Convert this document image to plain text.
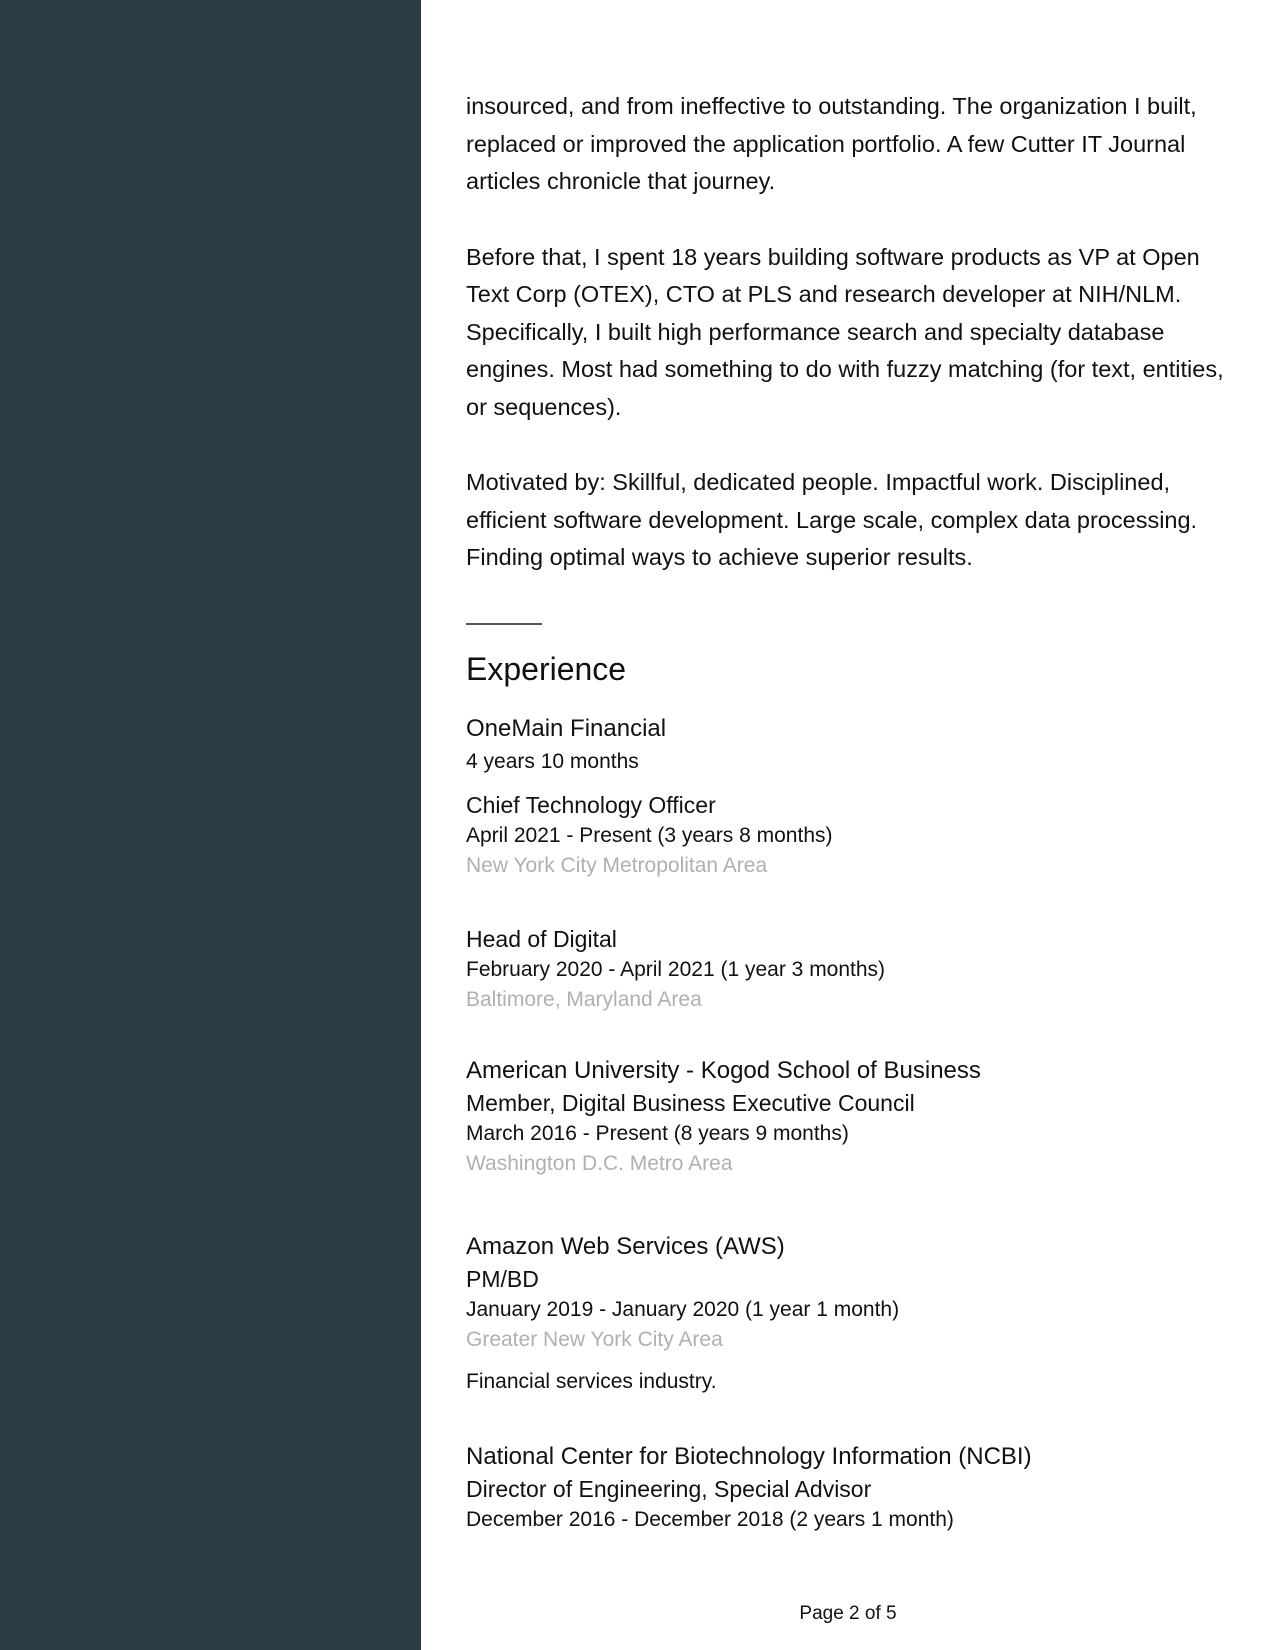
insourced, and from ineffective to outstanding. The organization I built, replaced or improved the application portfolio. A few Cutter IT Journal articles chronicle that journey.

Before that, I spent 18 years building software products as VP at Open Text Corp (OTEX), CTO at PLS and research developer at NIH/NLM. Specifically, I built high performance search and specialty database engines. Most had something to do with fuzzy matching (for text, entities, or sequences).

Motivated by: Skillful, dedicated people. Impactful work. Disciplined, efficient software development. Large scale, complex data processing. Finding optimal ways to achieve superior results.

Experience

OneMain Financial

4 years 10 months

Chief Technology Officer

April 2021 - Present (3 years 8 months)

New York City Metropolitan Area

Head of Digital

February 2020 - April 2021 (1 year 3 months)

Baltimore, Maryland Area

American University - Kogod School of Business

Member, Digital Business Executive Council

March 2016 - Present (8 years 9 months)

Washington D.C. Metro Area

Amazon Web Services (AWS)

PM/BD

January 2019 - January 2020 (1 year 1 month)

Greater New York City Area

Financial services industry.

National Center for Biotechnology Information (NCBI)

Director of Engineering, Special Advisor

December 2016 - December 2018 (2 years 1 month)

Page 2 of 5
